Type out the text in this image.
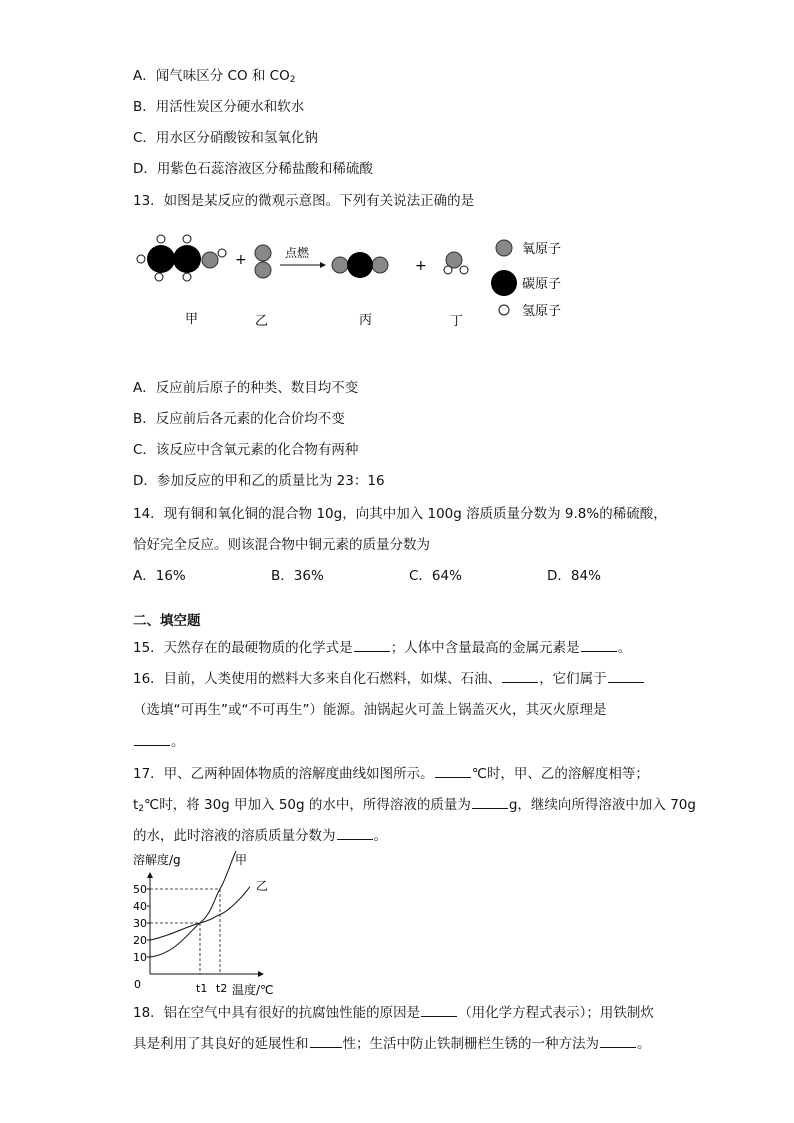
A．闻气味区分 CO 和 $CO_2$
B．用活性炭区分硬水和软水
C．用水区分硝酸铵和氢氧化钠
D．用紫色石蕊溶液区分稀盐酸和稀硫酸
13．如图是某反应的微观示意图。下列有关说法正确的是
+	点燃
+
氧原子
碳原子
氢原子
甲	乙	丙	丁
A．反应前后原子的种类、数目均不变
B．反应前后各元素的化合价均不变
C．该反应中含氧元素的化合物有两种
D．参加反应的甲和乙的质量比为 23：16
14．现有铜和氧化铜的混合物 10g，向其中加入 100g 溶质质量分数为 9.8%的稀硫酸，
恰好完全反应。则该混合物中铜元素的质量分数为
A．16%	B．36%	C．64%	D．84%
二、填空题
15．天然存在的最硬物质的化学式是	；人体中含量最高的金属元素是	。
16．目前，人类使用的燃料大多来自化石燃料，如煤、石油、	，它们属于
（选填“可再生”或“不可再生”）能源。油锅起火可盖上锅盖灭火，其灭火原理是
。
17．甲、乙两种固体物质的溶解度曲线如图所示。	℃时，甲、乙的溶解度相等；
$t_2℃$时，将 30g 甲加入 50g 的水中，所得溶液的质量为	g，继续向所得溶液中加入 70g
的水，此时溶液的溶质质量分数为	。
溶解度/g	甲
乙
0	温度/℃
50
40
30
20
10
t1 t2
18．铝在空气中具有很好的抗腐蚀性能的原因是	（用化学方程式表示）；用铁制炊
具是利用了其良好的延展性和	性；生活中防止铁制栅栏生锈的一种方法为	。
